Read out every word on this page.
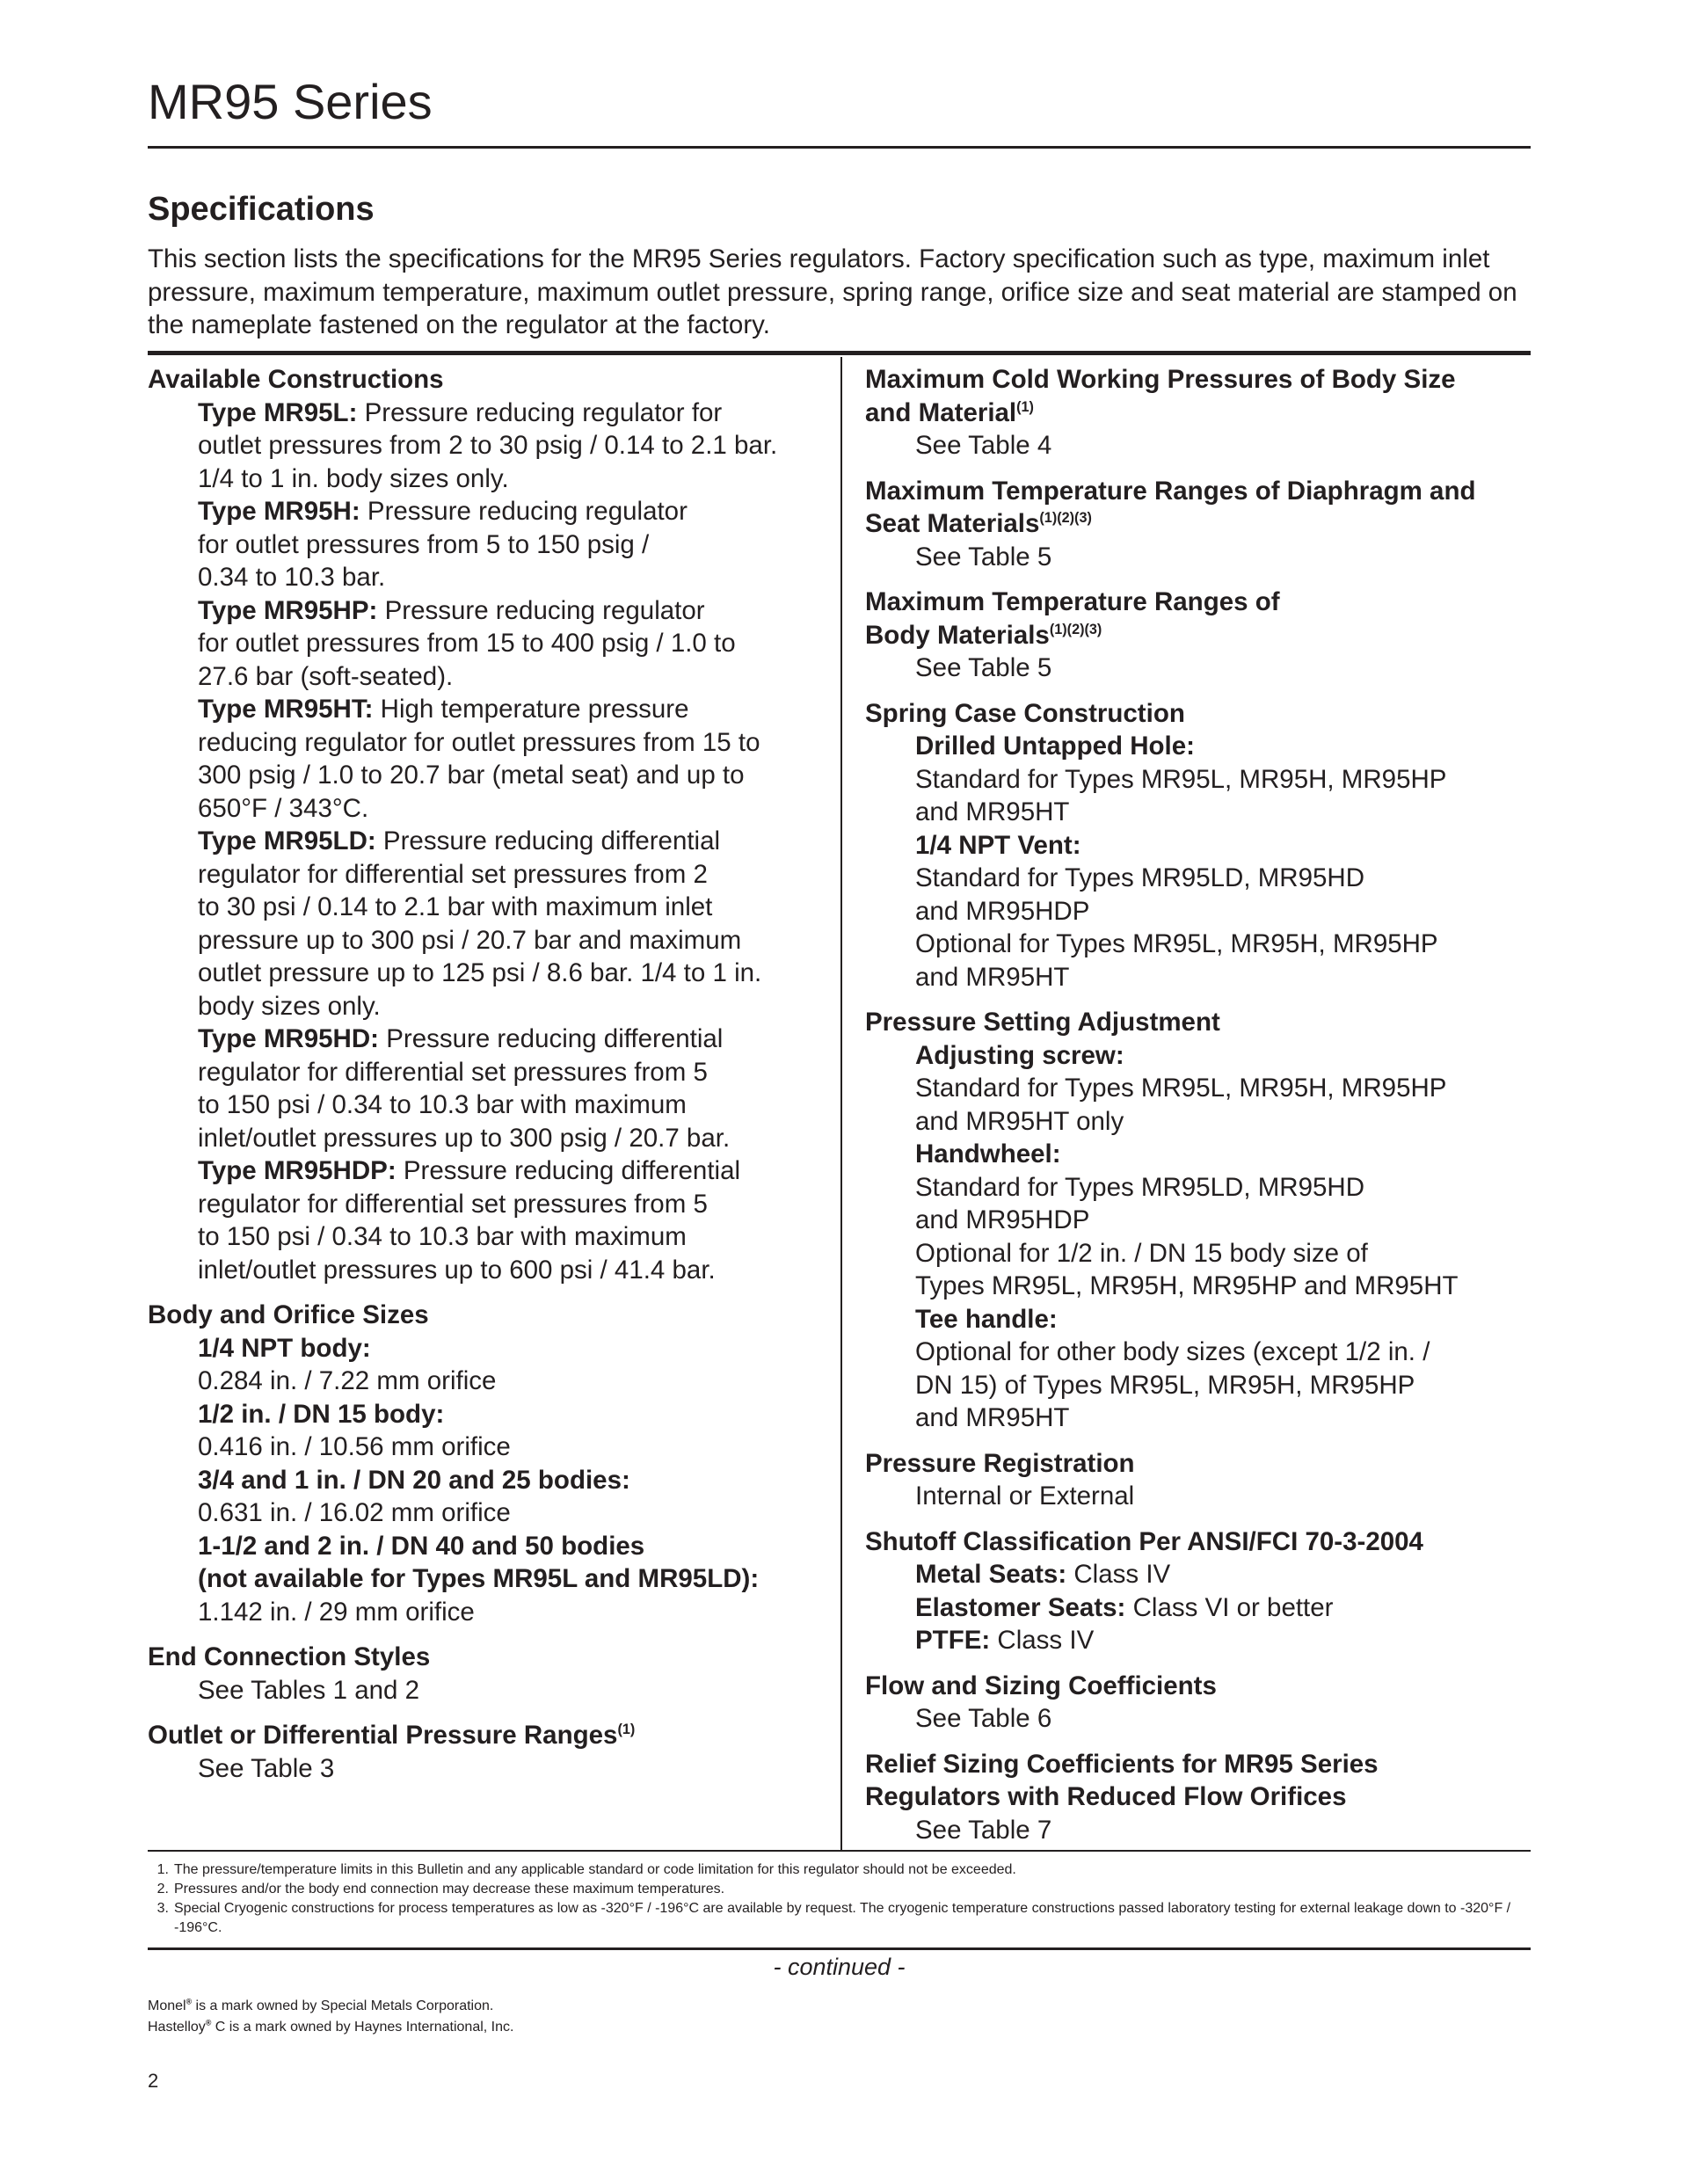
MR95 Series
Specifications

This section lists the specifications for the MR95 Series regulators. Factory specification such as type, maximum inlet pressure, maximum temperature, maximum outlet pressure, spring range, orifice size and seat material are stamped on the nameplate fastened on the regulator at the factory.

Available Constructions
Type MR95L: Pressure reducing regulator for
outlet pressures from 2 to 30 psig / 0.14 to 2.1 bar.
1/4 to 1 in. body sizes only.
Type MR95H: Pressure reducing regulator
for outlet pressures from 5 to 150 psig /
0.34 to 10.3 bar.
Type MR95HP: Pressure reducing regulator
for outlet pressures from 15 to 400 psig / 1.0 to
27.6 bar (soft-seated).
Type MR95HT: High temperature pressure
reducing regulator for outlet pressures from 15 to
300 psig / 1.0 to 20.7 bar (metal seat) and up to
650°F / 343°C.
Type MR95LD: Pressure reducing differential
regulator for differential set pressures from 2
to 30 psi / 0.14 to 2.1 bar with maximum inlet
pressure up to 300 psi / 20.7 bar and maximum
outlet pressure up to 125 psi / 8.6 bar. 1/4 to 1 in.
body sizes only.
Type MR95HD: Pressure reducing differential
regulator for differential set pressures from 5
to 150 psi / 0.34 to 10.3 bar with maximum
inlet/outlet pressures up to 300 psig / 20.7 bar.
Type MR95HDP: Pressure reducing differential
regulator for differential set pressures from 5
to 150 psi / 0.34 to 10.3 bar with maximum
inlet/outlet pressures up to 600 psi / 41.4 bar.
Body and Orifice Sizes
1/4 NPT body:
0.284 in. / 7.22 mm orifice
1/2 in. / DN 15 body:
0.416 in. / 10.56 mm orifice
3/4 and 1 in. / DN 20 and 25 bodies:
0.631 in. / 16.02 mm orifice
1-1/2 and 2 in. / DN 40 and 50 bodies
(not available for Types MR95L and MR95LD):
1.142 in. / 29 mm orifice
End Connection Styles
See Tables 1 and 2
Outlet or Differential Pressure Ranges$^{(1)}$
See Table 3
Maximum Cold Working Pressures of Body Size
and Material$^{(1)}$
See Table 4
Maximum Temperature Ranges of Diaphragm and
Seat Materials$^{(1)(2)(3)}$
See Table 5
Maximum Temperature Ranges of
Body Materials$^{(1)(2)(3)}$
See Table 5
Spring Case Construction
Drilled Untapped Hole:
Standard for Types MR95L, MR95H, MR95HP
and MR95HT
1/4 NPT Vent:
Standard for Types MR95LD, MR95HD
and MR95HDP
Optional for Types MR95L, MR95H, MR95HP
and MR95HT
Pressure Setting Adjustment
Adjusting screw:
Standard for Types MR95L, MR95H, MR95HP
and MR95HT only
Handwheel:
Standard for Types MR95LD, MR95HD
and MR95HDP
Optional for 1/2 in. / DN 15 body size of
Types MR95L, MR95H, MR95HP and MR95HT
Tee handle:
Optional for other body sizes (except 1/2 in. /
DN 15) of Types MR95L, MR95H, MR95HP
and MR95HT
Pressure Registration
Internal or External
Shutoff Classification Per ANSI/FCI 70-3-2004
Metal Seats: Class IV
Elastomer Seats: Class VI or better
PTFE: Class IV
Flow and Sizing Coefficients
See Table 6
Relief Sizing Coefficients for MR95 Series
Regulators with Reduced Flow Orifices
See Table 7
1. The pressure/temperature limits in this Bulletin and any applicable standard or code limitation for this regulator should not be exceeded.
2. Pressures and/or the body end connection may decrease these maximum temperatures.
3. Special Cryogenic constructions for process temperatures as low as -320°F / -196°C are available by request. The cryogenic temperature constructions passed laboratory testing for external leakage down to -320°F / -196°C.
- continued -
Monel® is a mark owned by Special Metals Corporation.
Hastelloy® C is a mark owned by Haynes International, Inc.
2
